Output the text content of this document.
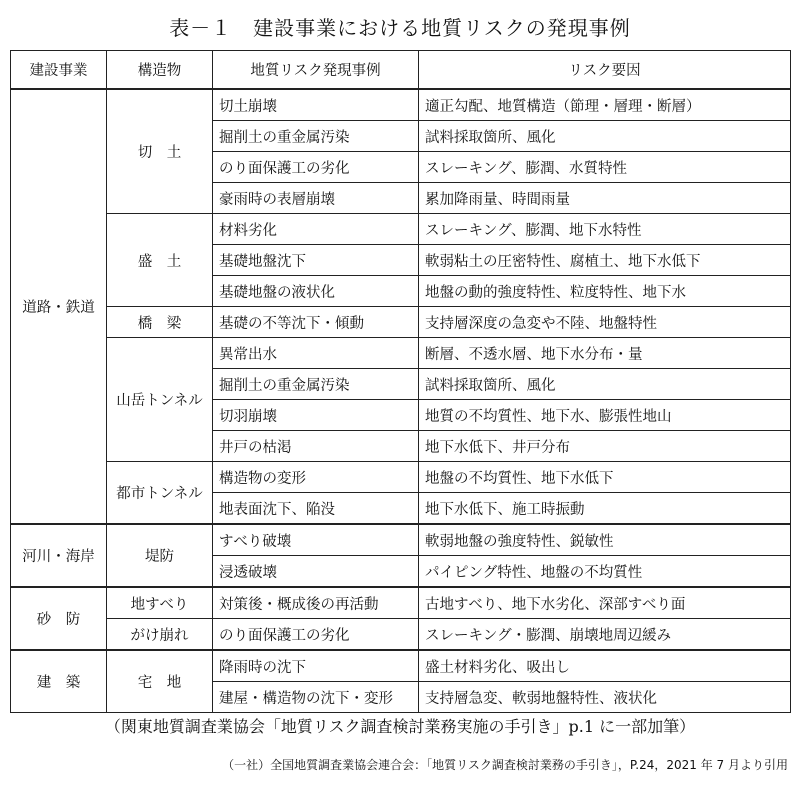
表－１　建設事業における地質リスクの発現事例
建設事業	構造物	地質リスク発現事例	リスク要因
道路・鉄道	切　土	切土崩壊	適正勾配、地質構造（節理・層理・断層）
		掘削土の重金属汚染	試料採取箇所、風化
		のり面保護工の劣化	スレーキング、膨潤、水質特性
		豪雨時の表層崩壊	累加降雨量、時間雨量
	盛　土	材料劣化	スレーキング、膨潤、地下水特性
		基礎地盤沈下	軟弱粘土の圧密特性、腐植土、地下水低下
		基礎地盤の液状化	地盤の動的強度特性、粒度特性、地下水
	橋　梁	基礎の不等沈下・傾動	支持層深度の急変や不陸、地盤特性
	山岳トンネル	異常出水	断層、不透水層、地下水分布・量
		掘削土の重金属汚染	試料採取箇所、風化
		切羽崩壊	地質の不均質性、地下水、膨張性地山
		井戸の枯渇	地下水低下、井戸分布
	都市トンネル	構造物の変形	地盤の不均質性、地下水低下
		地表面沈下、陥没	地下水低下、施工時振動
河川・海岸	堤防	すべり破壊	軟弱地盤の強度特性、鋭敏性
		浸透破壊	パイピング特性、地盤の不均質性
砂　防	地すべり	対策後・概成後の再活動	古地すべり、地下水劣化、深部すべり面
	がけ崩れ	のり面保護工の劣化	スレーキング・膨潤、崩壊地周辺緩み
建　築	宅　地	降雨時の沈下	盛土材料劣化、吸出し
		建屋・構造物の沈下・変形	支持層急変、軟弱地盤特性、液状化
（関東地質調査業協会「地質リスク調査検討業務実施の手引き」p.1 に一部加筆）
（一社）全国地質調査業協会連合会：「地質リスク調査検討業務の手引き」，P.24，2021 年 7 月より引用
